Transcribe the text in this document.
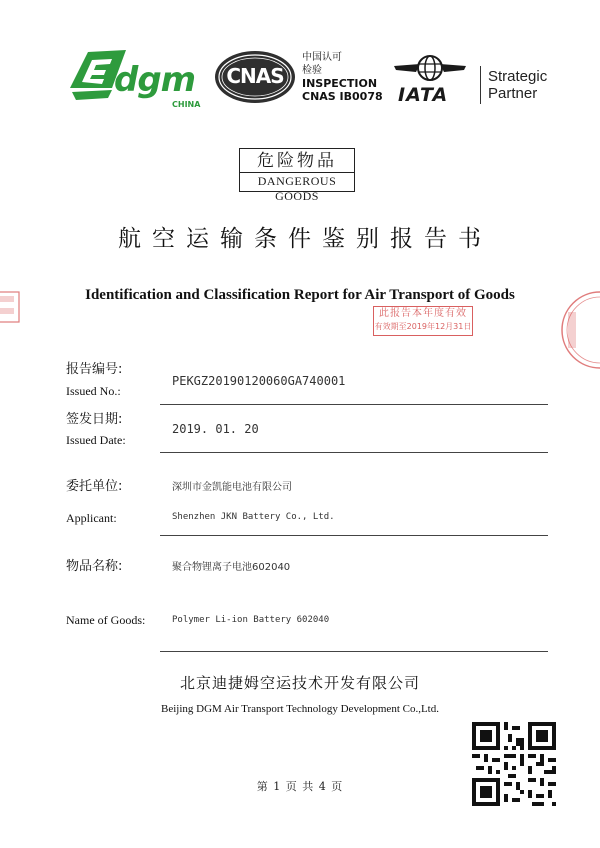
dgm
CHINA
CNAS
中国认可
检验
INSPECTION
CNAS IB0078 IATA
Strategic
Partner
危险物品
DANGEROUS GOODS
航空运输条件鉴别报告书
Identification and Classification Report for Air Transport of Goods
此报告本年度有效
有效期至2019年12月31日
报告编号:
Issued No.:
PEKGZ20190120060GA740001
签发日期:
Issued Date:
2019. 01. 20
委托单位:	深圳市金凯能电池有限公司
Applicant:	Shenzhen JKN Battery Co., Ltd.
物品名称:	聚合物锂离子电池602040
Name of Goods:	Polymer Li-ion Battery 602040
北京迪捷姆空运技术开发有限公司
Beijing DGM Air Transport Technology Development Co.,Ltd.
第 1 页 共 4 页
